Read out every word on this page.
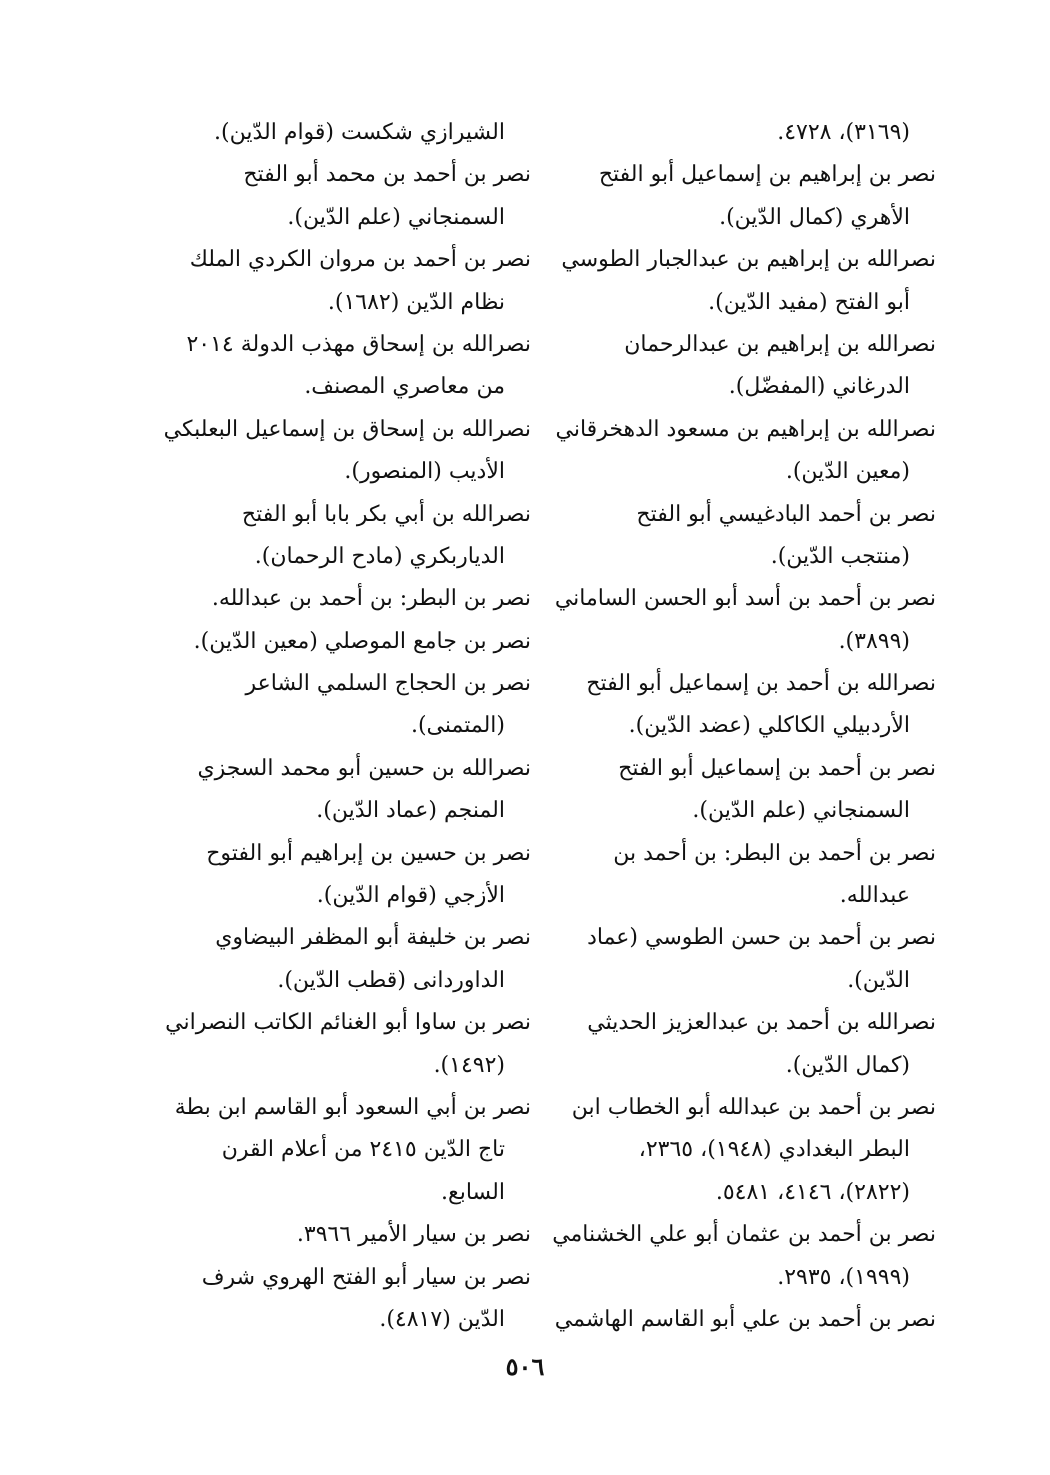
(٣١٦٩)، ٤٧٢٨.
نصر بن إبراهيم بن إسماعيل أبو الفتح
الأهري (كمال الدّين).
نصرالله بن إبراهيم بن عبدالجبار الطوسي
أبو الفتح (مفيد الدّين).
نصرالله بن إبراهيم بن عبدالرحمان
الدرغاني (المفضّل).
نصرالله بن إبراهيم بن مسعود الدهخرقاني
(معين الدّين).
نصر بن أحمد البادغيسي أبو الفتح
(منتجب الدّين).
نصر بن أحمد بن أسد أبو الحسن الساماني
(٣٨٩٩).
نصرالله بن أحمد بن إسماعيل أبو الفتح
الأردبيلي الكاكلي (عضد الدّين).
نصر بن أحمد بن إسماعيل أبو الفتح
السمنجاني (علم الدّين).
نصر بن أحمد بن البطر: بن أحمد بن
عبدالله.
نصر بن أحمد بن حسن الطوسي (عماد
الدّين).
نصرالله بن أحمد بن عبدالعزيز الحديثي
(كمال الدّين).
نصر بن أحمد بن عبدالله أبو الخطاب ابن
البطر البغدادي (١٩٤٨)، ٢٣٦٥،
(٢٨٢٢)، ٤١٤٦، ٥٤٨١.
نصر بن أحمد بن عثمان أبو علي الخشنامي
(١٩٩٩)، ٢٩٣٥.
نصر بن أحمد بن علي أبو القاسم الهاشمي
الشيرازي شكست (قوام الدّين).
نصر بن أحمد بن محمد أبو الفتح
السمنجاني (علم الدّين).
نصر بن أحمد بن مروان الكردي الملك
نظام الدّين (١٦٨٢).
نصرالله بن إسحاق مهذب الدولة ٢٠١٤
من معاصري المصنف.
نصرالله بن إسحاق بن إسماعيل البعلبكي
الأديب (المنصور).
نصرالله بن أبي بكر بابا أبو الفتح
الدياربكري (مادح الرحمان).
نصر بن البطر: بن أحمد بن عبدالله.
نصر بن جامع الموصلي (معين الدّين).
نصر بن الحجاج السلمي الشاعر
(المتمنى).
نصرالله بن حسين أبو محمد السجزي
المنجم (عماد الدّين).
نصر بن حسين بن إبراهيم أبو الفتوح
الأزجي (قوام الدّين).
نصر بن خليفة أبو المظفر البيضاوي
الداوردانى (قطب الدّين).
نصر بن ساوا أبو الغنائم الكاتب النصراني
(١٤٩٢).
نصر بن أبي السعود أبو القاسم ابن بطة
تاج الدّين ٢٤١٥ من أعلام القرن
السابع.
نصر بن سيار الأمير ٣٩٦٦.
نصر بن سيار أبو الفتح الهروي شرف
الدّين (٤٨١٧).
٥٠٦
